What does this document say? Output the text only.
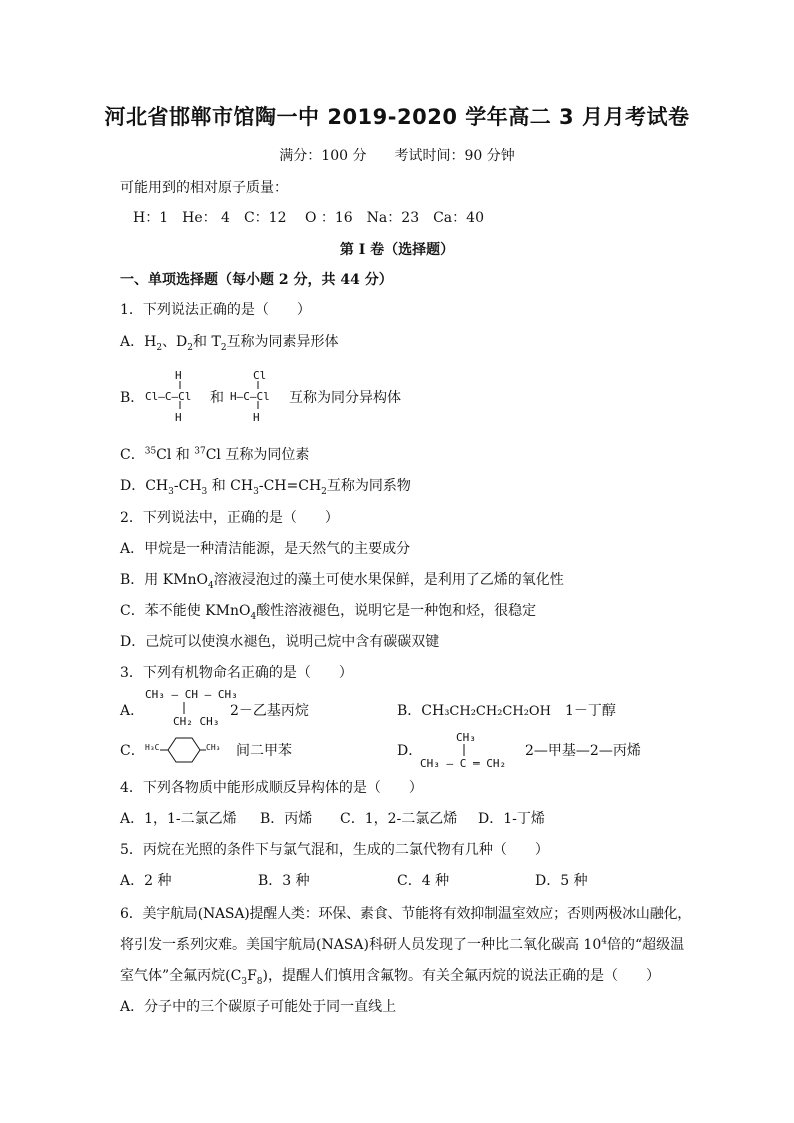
河北省邯郸市馆陶一中 2019-2020 学年高二 3 月月考试卷
满分：100 分　　考试时间：90 分钟
可能用到的相对原子质量：
H：1　He： 4　C：12　 O ：16　Na：23　Ca：40
第 I 卷（选择题）
一、单项选择题（每小题 2 分，共 44 分）
1．下列说法正确的是（　　）
A．$H_2$、$D_2$和 $T_2$互称为同素异形体
B．
H
Cl—C—Cl
H
和
Cl
H—C—Cl
H
互称为同分异构体
C．$^{35}$Cl 和 $^{37}$Cl 互称为同位素
D．$CH_3-CH_3$ 和 $CH_3-CH=CH_2$互称为同系物
2．下列说法中，正确的是（　　）
A．甲烷是一种清洁能源，是天然气的主要成分
B．用 KMnO$_4$溶液浸泡过的藻土可使水果保鲜，是利用了乙烯的氧化性
C．苯不能使 KMnO$_4$酸性溶液褪色，说明它是一种饱和烃，很稳定
D．己烷可以使溴水褪色，说明己烷中含有碳碳双键
3．下列有机物命名正确的是（　　）
A．
CH₃ — CH — CH₃
CH₂ CH₃
2－乙基丙烷	B．CH₃CH₂CH₂CH₂OH 1－丁醇
C． H₃C	CH₃ 间二甲苯	D．
CH₃
CH₃ — C ═ CH₂
2—甲基—2—丙烯
4．下列各物质中能形成顺反异构体的是（　　）
A．1，1-二氯乙烯 B．丙烯 C．1，2-二氯乙烯 D．1-丁烯
5．丙烷在光照的条件下与氯气混和，生成的二氯代物有几种（　　）
A．2 种	B．3 种	C．4 种	D．5 种
6．美宇航局(NASA)提醒人类：环保、素食、节能将有效抑制温室效应；否则两极冰山融化，
将引发一系列灾难。美国宇航局(NASA)科研人员发现了一种比二氧化碳高 $10^4$倍的“超级温
室气体”全氟丙烷$(C_3F_8)$，提醒人们慎用含氟物。有关全氟丙烷的说法正确的是（　　）
A．分子中的三个碳原子可能处于同一直线上
